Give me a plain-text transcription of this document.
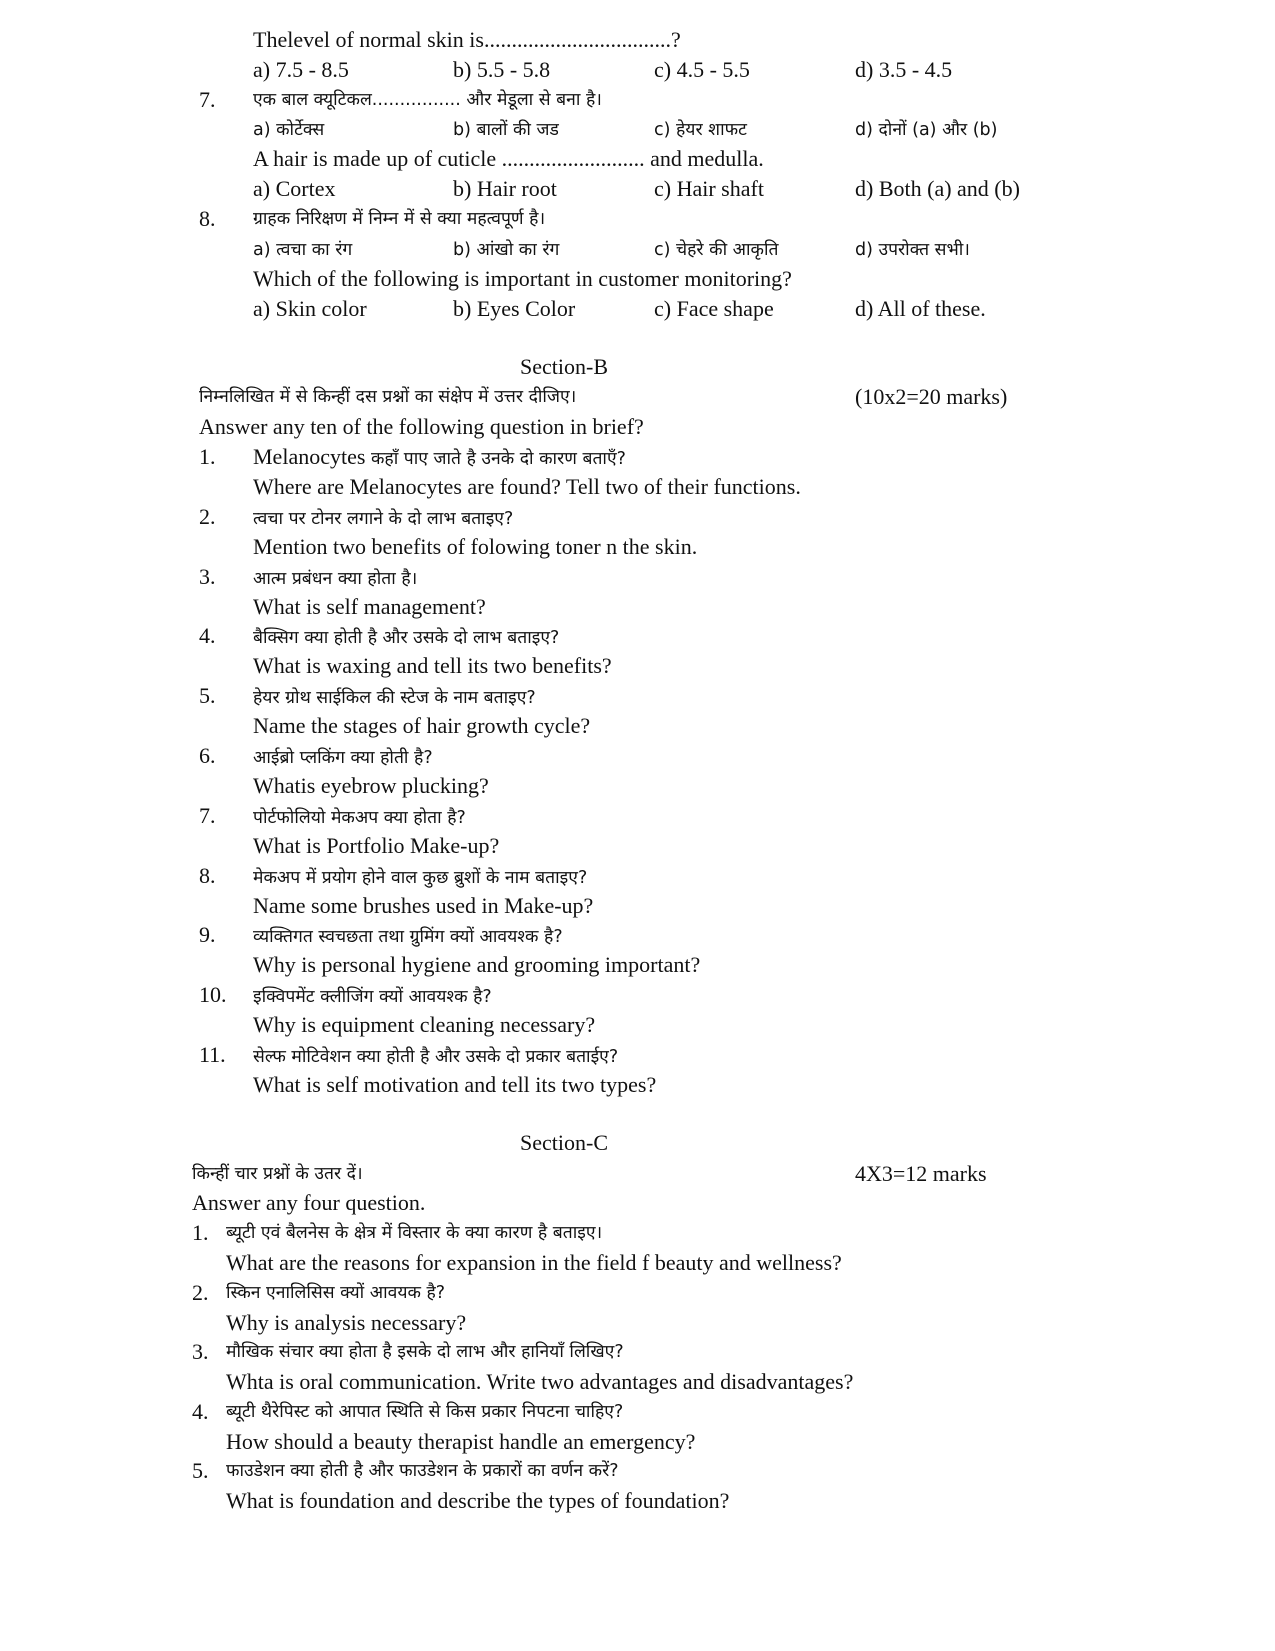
Thelevel of normal skin is..................................?
a) 7.5 - 8.5	b) 5.5 - 5.8	c) 4.5 - 5.5	d) 3.5 - 4.5
7. एक बाल क्यूटिकल................ और मेडूला से बना है।
a) कोर्टेक्स	b) बालों की जड	c) हेयर शाफट	d) दोनों (a) और (b)
A hair is made up of cuticle .......................... and medulla.
a) Cortex	b) Hair root	c) Hair shaft	d) Both (a) and (b)
8. ग्राहक निरिक्षण में निम्न में से क्या महत्वपूर्ण है।
a) त्वचा का रंग	b) आंखो का रंग	c) चेहरे की आकृति	d) उपरोक्त सभी।
Which of the following is important in customer monitoring?
a) Skin color	b) Eyes Color	c) Face shape	d) All of these.
Section-B
निम्नलिखित में से किन्हीं दस प्रश्नों का संक्षेप में उत्तर दीजिए।	(10x2=20 marks)
Answer any ten of the following question in brief?
1. Melanocytes कहाँ पाए जाते है उनके दो कारण बताएँ?
Where are Melanocytes are found? Tell two of their functions.
2. त्वचा पर टोनर लगाने के दो लाभ बताइए?
Mention two benefits of folowing toner n the skin.
3. आत्म प्रबंधन क्या होता है।
What is self management?
4. बैक्सिग क्या होती है और उसके दो लाभ बताइए?
What is waxing and tell its two benefits?
5. हेयर ग्रोथ साईकिल की स्टेज के नाम बताइए?
Name the stages of hair growth cycle?
6. आईब्रो प्लकिंग क्या होती है?
Whatis eyebrow plucking?
7. पोर्टफोलियो मेकअप क्या होता है?
What is Portfolio Make-up?
8. मेकअप में प्रयोग होने वाल कुछ ब्रुशों के नाम बताइए?
Name some brushes used in Make-up?
9. व्यक्तिगत स्वचछता तथा ग्रुमिंग क्यों आवयश्क है?
Why is personal hygiene and grooming important?
10. इक्विपमेंट क्लीजिंग क्यों आवयश्क है?
Why is equipment cleaning necessary?
11. सेल्फ मोटिवेशन क्या होती है और उसके दो प्रकार बताईए?
What is self motivation and tell its two types?
Section-C
किन्हीं चार प्रश्नों के उतर दें।	4X3=12 marks
Answer any four question.
1. ब्यूटी एवं बैलनेस के क्षेत्र में विस्तार के क्या कारण है बताइए।
What are the reasons for expansion in the field f beauty and wellness?
2. स्किन एनालिसिस क्यों आवयक है?
Why is analysis necessary?
3. मौखिक संचार क्या होता है इसके दो लाभ और हानियाँ लिखिए?
Whta is oral communication. Write two advantages and disadvantages?
4. ब्यूटी थैरेपिस्ट को आपात स्थिति से किस प्रकार निपटना चाहिए?
How should a beauty therapist handle an emergency?
5. फाउडेशन क्या होती है और फाउडेशन के प्रकारों का वर्णन करें?
What is foundation and describe the types of foundation?
